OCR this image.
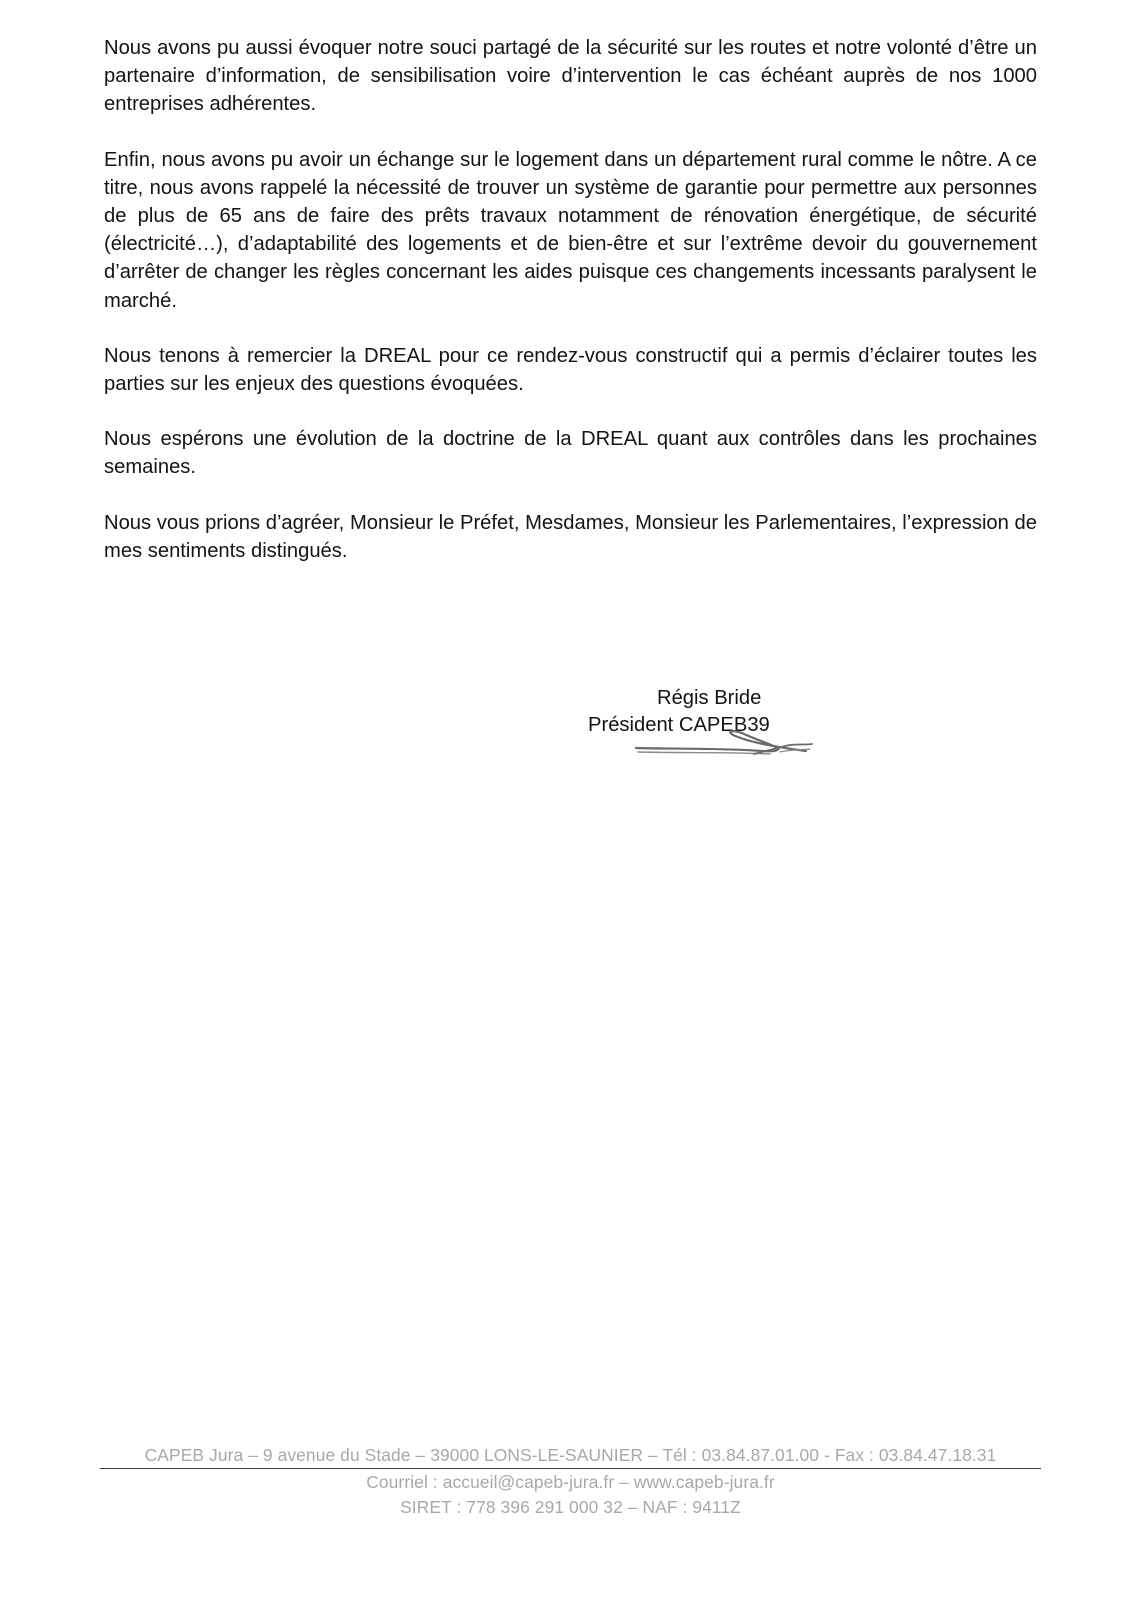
Nous avons pu aussi évoquer notre souci partagé de la sécurité sur les routes et notre volonté d’être un partenaire d’information, de sensibilisation voire d’intervention le cas échéant auprès de nos 1000 entreprises adhérentes.

Enfin, nous avons pu avoir un échange sur le logement dans un département rural comme le nôtre. A ce titre, nous avons rappelé la nécessité de trouver un système de garantie pour permettre aux personnes de plus de 65 ans de faire des prêts travaux notamment de rénovation énergétique, de sécurité (électricité…), d’adaptabilité des logements et de bien-être et sur l’extrême devoir du gouvernement d’arrêter de changer les règles concernant les aides puisque ces changements incessants paralysent le marché.

Nous tenons à remercier la DREAL pour ce rendez-vous constructif qui a permis d’éclairer toutes les parties sur les enjeux des questions évoquées.

Nous espérons une évolution de la doctrine de la DREAL quant aux contrôles dans les prochaines semaines.

Nous vous prions d’agréer, Monsieur le Préfet, Mesdames, Monsieur les Parlementaires, l’expression de mes sentiments distingués.

Régis Bride
Président CAPEB39
CAPEB Jura – 9 avenue du Stade – 39000 LONS-LE-SAUNIER – Tél : 03.84.87.01.00 - Fax : 03.84.47.18.31
Courriel : accueil@capeb-jura.fr – www.capeb-jura.fr
SIRET : 778 396 291 000 32 – NAF : 9411Z
